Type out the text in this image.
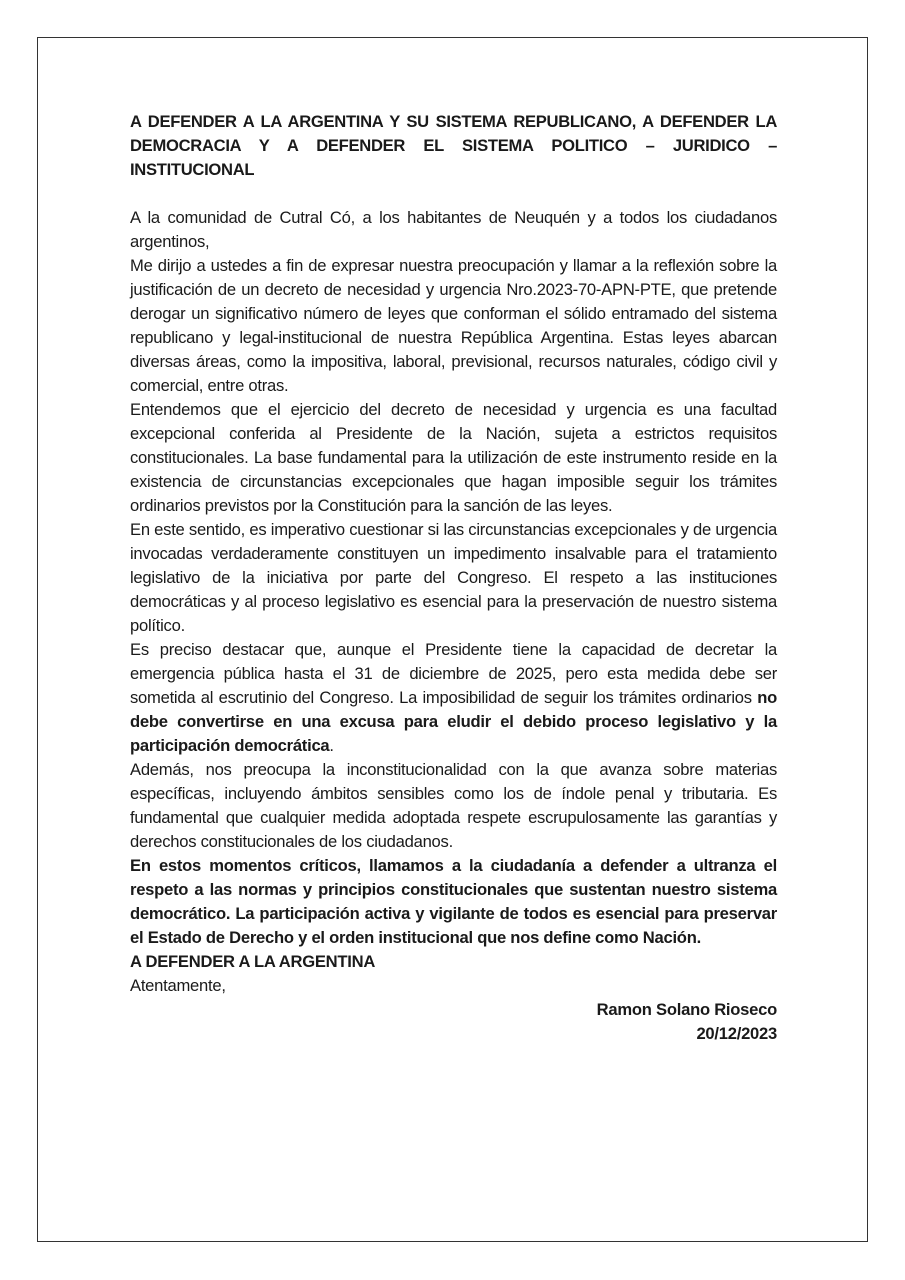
A DEFENDER A LA ARGENTINA Y SU SISTEMA REPUBLICANO, A DEFENDER LA DEMOCRACIA Y A DEFENDER EL SISTEMA POLITICO – JURIDICO – INSTITUCIONAL

A la comunidad de Cutral Có, a los habitantes de Neuquén y a todos los ciudadanos argentinos,

Me dirijo a ustedes a fin de expresar nuestra preocupación y llamar a la reflexión sobre la justificación de un decreto de necesidad y urgencia Nro.2023-70-APN-PTE, que pretende derogar un significativo número de leyes que conforman el sólido entramado del sistema republicano y legal-institucional de nuestra República Argentina. Estas leyes abarcan diversas áreas, como la impositiva, laboral, previsional, recursos naturales, código civil y comercial, entre otras.

Entendemos que el ejercicio del decreto de necesidad y urgencia es una facultad excepcional conferida al Presidente de la Nación, sujeta a estrictos requisitos constitucionales. La base fundamental para la utilización de este instrumento reside en la existencia de circunstancias excepcionales que hagan imposible seguir los trámites ordinarios previstos por la Constitución para la sanción de las leyes.

En este sentido, es imperativo cuestionar si las circunstancias excepcionales y de urgencia invocadas verdaderamente constituyen un impedimento insalvable para el tratamiento legislativo de la iniciativa por parte del Congreso. El respeto a las instituciones democráticas y al proceso legislativo es esencial para la preservación de nuestro sistema político.

Es preciso destacar que, aunque el Presidente tiene la capacidad de decretar la emergencia pública hasta el 31 de diciembre de 2025, pero esta medida debe ser sometida al escrutinio del Congreso. La imposibilidad de seguir los trámites ordinarios no debe convertirse en una excusa para eludir el debido proceso legislativo y la participación democrática.

Además, nos preocupa la inconstitucionalidad con la que avanza sobre materias específicas, incluyendo ámbitos sensibles como los de índole penal y tributaria. Es fundamental que cualquier medida adoptada respete escrupulosamente las garantías y derechos constitucionales de los ciudadanos.

En estos momentos críticos, llamamos a la ciudadanía a defender a ultranza el respeto a las normas y principios constitucionales que sustentan nuestro sistema democrático. La participación activa y vigilante de todos es esencial para preservar el Estado de Derecho y el orden institucional que nos define como Nación.

A DEFENDER A LA ARGENTINA

Atentamente,

Ramon Solano Rioseco

20/12/2023
